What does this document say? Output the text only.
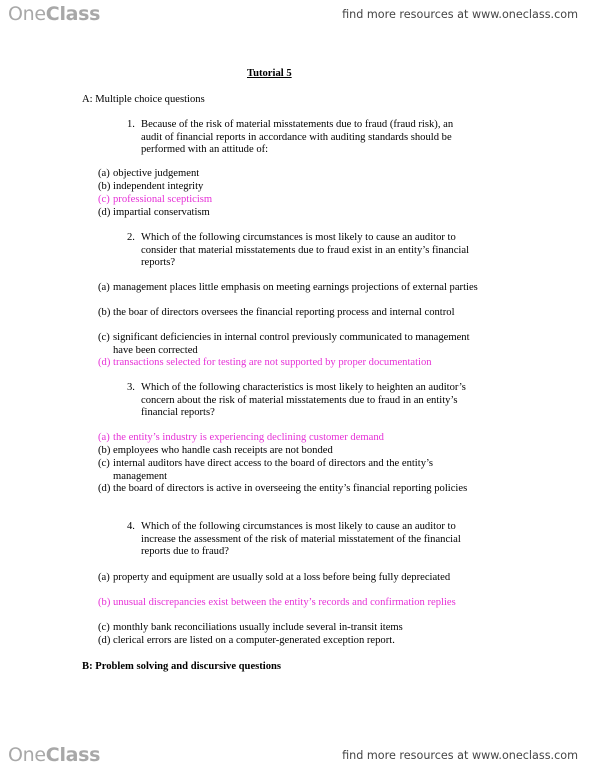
OneClass	find more resources at www.oneclass.com
Tutorial 5
A: Multiple choice questions
1. Because of the risk of material misstatements due to fraud (fraud risk), an audit of financial reports in accordance with auditing standards should be performed with an attitude of:
(a) objective judgement
(b) independent integrity
(c) professional scepticism
(d) impartial conservatism
2. Which of the following circumstances is most likely to cause an auditor to consider that material misstatements due to fraud exist in an entity’s financial reports?
(a) management places little emphasis on meeting earnings projections of external parties
(b) the boar of directors oversees the financial reporting process and internal control
(c) significant deficiencies in internal control previously communicated to management have been corrected
(d) transactions selected for testing are not supported by proper documentation
3. Which of the following characteristics is most likely to heighten an auditor’s concern about the risk of material misstatements due to fraud in an entity’s financial reports?
(a) the entity’s industry is experiencing declining customer demand
(b) employees who handle cash receipts are not bonded
(c) internal auditors have direct access to the board of directors and the entity’s management
(d) the board of directors is active in overseeing the entity’s financial reporting policies
4. Which of the following circumstances is most likely to cause an auditor to increase the assessment of the risk of material misstatement of the financial reports due to fraud?
(a) property and equipment are usually sold at a loss before being fully depreciated
(b) unusual discrepancies exist between the entity’s records and confirmation replies
(c) monthly bank reconciliations usually include several in-transit items
(d) clerical errors are listed on a computer-generated exception report.
B: Problem solving and discursive questions
OneClass	find more resources at www.oneclass.com
